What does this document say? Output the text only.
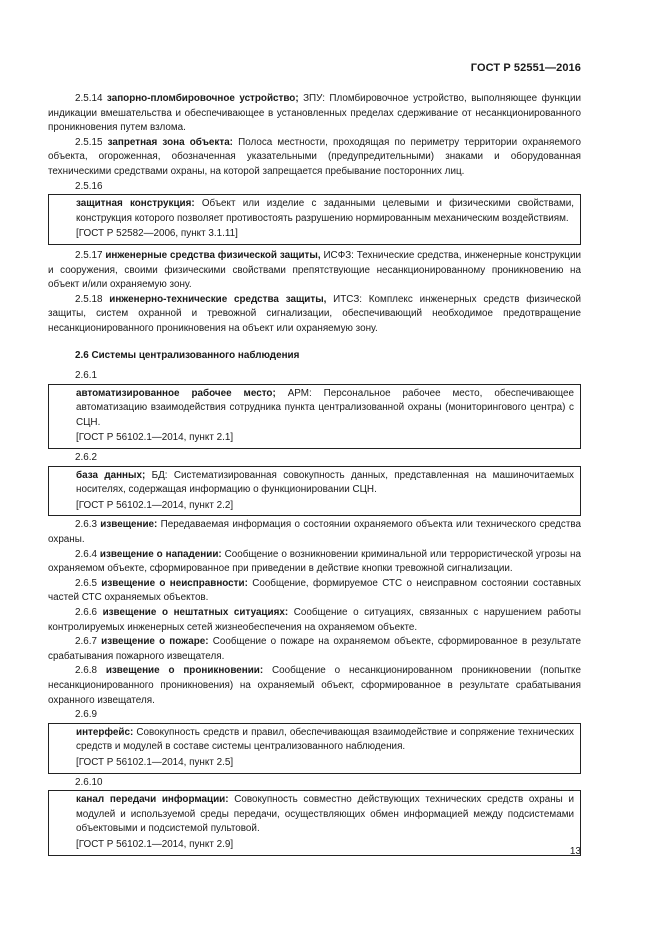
ГОСТ Р 52551—2016

2.5.14 запорно-пломбировочное устройство; ЗПУ: Пломбировочное устройство, выполняющее функции индикации вмешательства и обеспечивающее в установленных пределах сдерживание от несанкционированного проникновения путем взлома.

2.5.15 запретная зона объекта: Полоса местности, проходящая по периметру территории охраняемого объекта, огороженная, обозначенная указательными (предупредительными) знаками и оборудованная техническими средствами охраны, на которой запрещается пребывание посторонних лиц.

2.5.16

защитная конструкция: Объект или изделие с заданными целевыми и физическими свойствами, конструкция которого позволяет противостоять разрушению нормированным механическим воздействиям.

[ГОСТ Р 52582—2006, пункт 3.1.11]

2.5.17 инженерные средства физической защиты, ИСФЗ: Технические средства, инженерные конструкции и сооружения, своими физическими свойствами препятствующие несанкционированному проникновению на объект и/или охраняемую зону.

2.5.18 инженерно-технические средства защиты, ИТСЗ: Комплекс инженерных средств физической защиты, систем охранной и тревожной сигнализации, обеспечивающий необходимое предотвращение несанкционированного проникновения на объект или охраняемую зону.

2.6 Системы централизованного наблюдения

2.6.1

автоматизированное рабочее место; АРМ: Персональное рабочее место, обеспечивающее автоматизацию взаимодействия сотрудника пункта централизованной охраны (мониторингового центра) с СЦН.

[ГОСТ Р 56102.1—2014, пункт 2.1]

2.6.2

база данных; БД: Систематизированная совокупность данных, представленная на машиночитаемых носителях, содержащая информацию о функционировании СЦН.

[ГОСТ Р 56102.1—2014, пункт 2.2]

2.6.3 извещение: Передаваемая информация о состоянии охраняемого объекта или технического средства охраны.

2.6.4 извещение о нападении: Сообщение о возникновении криминальной или террористической угрозы на охраняемом объекте, сформированное при приведении в действие кнопки тревожной сигнализации.

2.6.5 извещение о неисправности: Сообщение, формируемое СТС о неисправном состоянии составных частей СТС охраняемых объектов.

2.6.6 извещение о нештатных ситуациях: Сообщение о ситуациях, связанных с нарушением работы контролируемых инженерных сетей жизнеобеспечения на охраняемом объекте.

2.6.7 извещение о пожаре: Сообщение о пожаре на охраняемом объекте, сформированное в результате срабатывания пожарного извещателя.

2.6.8 извещение о проникновении: Сообщение о несанкционированном проникновении (попытке несанкционированного проникновения) на охраняемый объект, сформированное в результате срабатывания охранного извещателя.

2.6.9

интерфейс: Совокупность средств и правил, обеспечивающая взаимодействие и сопряжение технических средств и модулей в составе системы централизованного наблюдения.

[ГОСТ Р 56102.1—2014, пункт 2.5]

2.6.10

канал передачи информации: Совокупность совместно действующих технических средств охраны и модулей и используемой среды передачи, осуществляющих обмен информацией между подсистемами объектовыми и подсистемой пультовой.

[ГОСТ Р 56102.1—2014, пункт 2.9]

13
